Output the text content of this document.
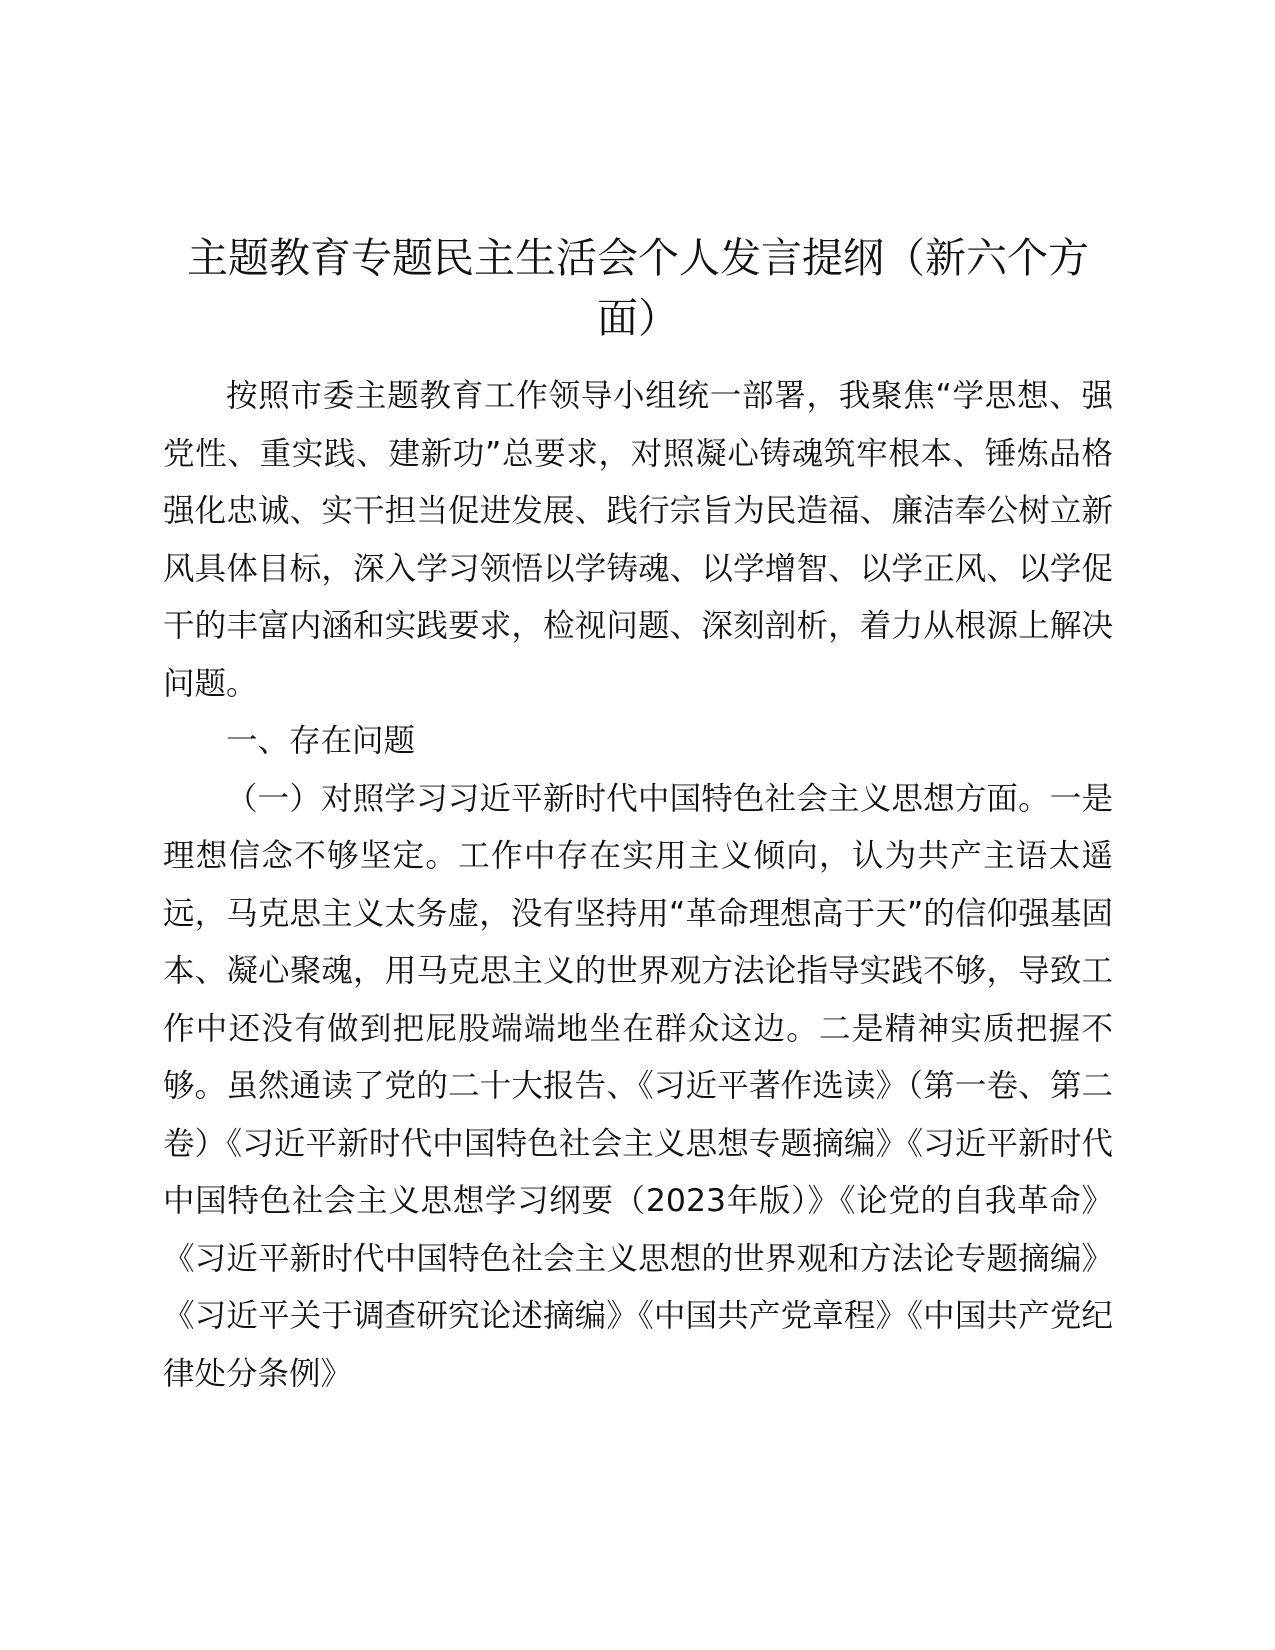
主题教育专题民主生活会个人发言提纲（新六个方面）

按照市委主题教育工作领导小组统一部署，我聚焦“学思想、强党性、重实践、建新功”总要求，对照凝心铸魂筑牢根本、锤炼品格强化忠诚、实干担当促进发展、践行宗旨为民造福、廉洁奉公树立新风具体目标，深入学习领悟以学铸魂、以学增智、以学正风、以学促干的丰富内涵和实践要求，检视问题、深刻剖析，着力从根源上解决问题。

一、存在问题

（一）对照学习习近平新时代中国特色社会主义思想方面。一是理想信念不够坚定。工作中存在实用主义倾向，认为共产主语太遥远，马克思主义太务虚，没有坚持用“革命理想高于天”的信仰强基固本、凝心聚魂，用马克思主义的世界观方法论指导实践不够，导致工作中还没有做到把屁股端端地坐在群众这边。二是精神实质把握不够。虽然通读了党的二十大报告、《习近平著作选读》（第一卷、第二卷）《习近平新时代中国特色社会主义思想专题摘编》《习近平新时代中国特色社会主义思想学习纲要（2023年版）》《论党的自我革命》《习近平新时代中国特色社会主义思想的世界观和方法论专题摘编》《习近平关于调查研究论述摘编》《中国共产党章程》《中国共产党纪律处分条例》
